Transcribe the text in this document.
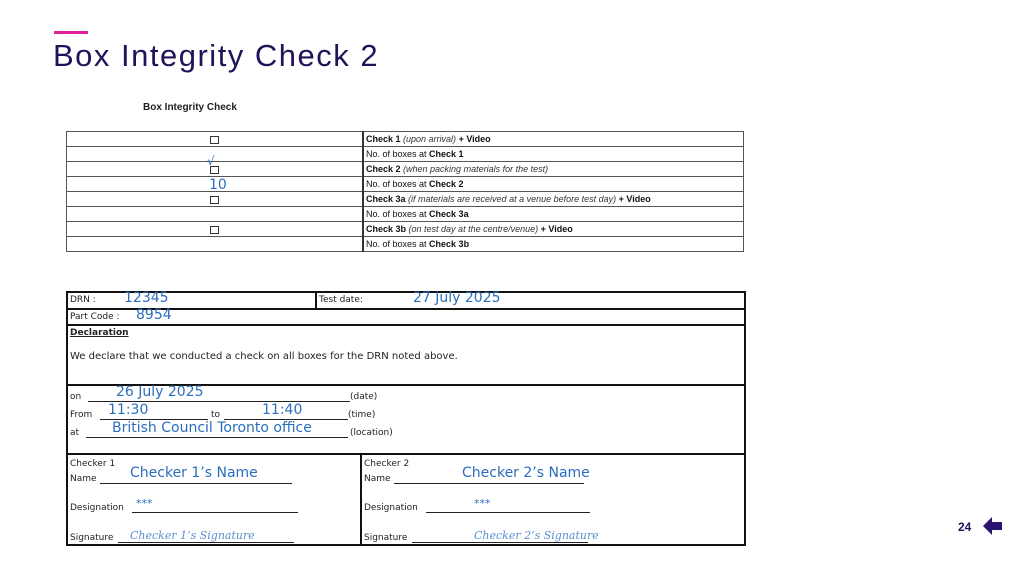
Box Integrity Check 2
Box Integrity Check
	Check 1 (upon arrival) + Video
	No. of boxes at Check 1

√	Check 2 (when packing materials for the test)

10	No. of boxes at Check 2
	Check 3a (if materials are received at a venue before test day) + Video
	No. of boxes at Check 3a
	Check 3b (on test day at the centre/venue) + Video
	No. of boxes at Check 3b
DRN : 12345	Test date:	27 July 2025
Part Code : 8954
Declaration
We declare that we conducted a check on all boxes for the DRN noted above.
on 26 July 2025	(date)
From 11:30	to	11:40	(time)
at British Council Toronto office	(location)
Checker 1
Name Checker 1’s Name
Designation ***
Signature Checker 1’s Signature
Checker 2
Name	Checker 2’s Name
Designation	***
Signature	Checker 2’s Signature
24
